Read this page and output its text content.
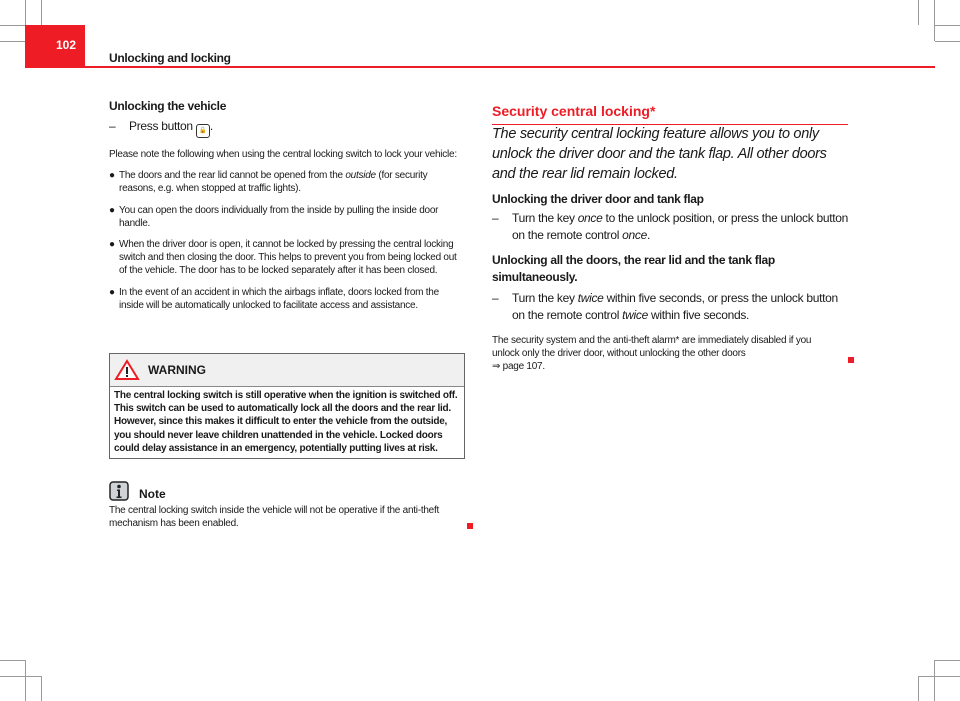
102
Unlocking and locking
Unlocking the vehicle
–	Press button 🔓 .

Please note the following when using the central locking switch to lock your vehicle:

● The doors and the rear lid cannot be opened from the outside (for security reasons, e.g. when stopped at traffic lights).
● You can open the doors individually from the inside by pulling the inside door handle.
● When the driver door is open, it cannot be locked by pressing the central locking switch and then closing the door. This helps to prevent you from being locked out of the vehicle. The door has to be locked separately after it has been closed.
● In the event of an accident in which the airbags inflate, doors locked from the inside will be automatically unlocked to facilitate access and assistance.
WARNING
The central locking switch is still operative when the ignition is switched off. This switch can be used to automatically lock all the doors and the rear lid. However, since this makes it difficult to enter the vehicle from the outside, you should never leave children unattended in the vehicle. Locked doors could delay assistance in an emergency, potentially putting lives at risk.
Note

The central locking switch inside the vehicle will not be operative if the anti-theft mechanism has been enabled.

Security central locking*

The security central locking feature allows you to only unlock the driver door and the tank flap. All other doors and the rear lid remain locked.

Unlocking the driver door and tank flap
–	Turn the key once to the unlock position, or press the unlock button on the remote control once.
Unlocking all the doors, the rear lid and the tank flap simultaneously.
–	Turn the key twice within five seconds, or press the unlock button on the remote control twice within five seconds.

The security system and the anti-theft alarm* are immediately disabled if you unlock only the driver door, without unlocking the other doors
⇒ page 107.
